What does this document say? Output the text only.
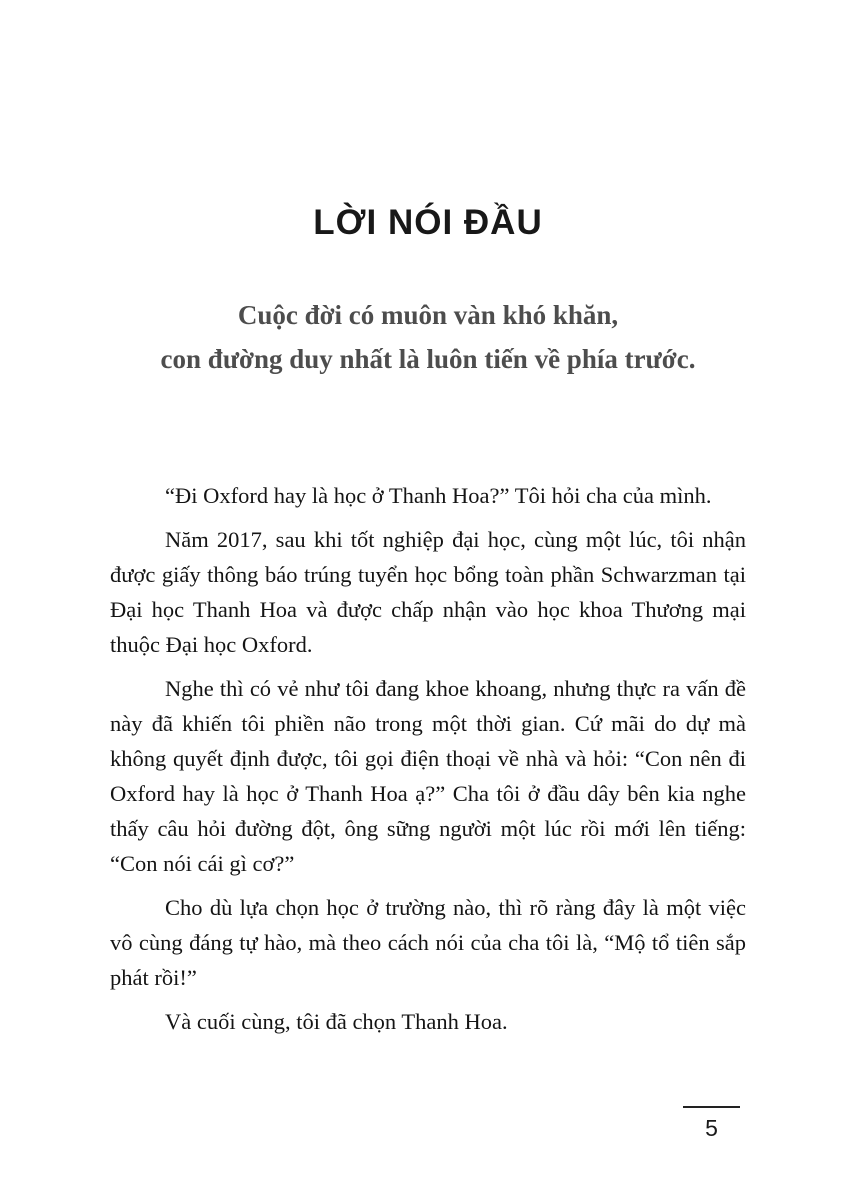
LỜI NÓI ĐẦU

Cuộc đời có muôn vàn khó khăn,

con đường duy nhất là luôn tiến về phía trước.

“Đi Oxford hay là học ở Thanh Hoa?” Tôi hỏi cha của mình.

Năm 2017, sau khi tốt nghiệp đại học, cùng một lúc, tôi nhận được giấy thông báo trúng tuyển học bổng toàn phần Schwarzman tại Đại học Thanh Hoa và được chấp nhận vào học khoa Thương mại thuộc Đại học Oxford.

Nghe thì có vẻ như tôi đang khoe khoang, nhưng thực ra vấn đề này đã khiến tôi phiền não trong một thời gian. Cứ mãi do dự mà không quyết định được, tôi gọi điện thoại về nhà và hỏi: “Con nên đi Oxford hay là học ở Thanh Hoa ạ?” Cha tôi ở đầu dây bên kia nghe thấy câu hỏi đường đột, ông sững người một lúc rồi mới lên tiếng: “Con nói cái gì cơ?”

Cho dù lựa chọn học ở trường nào, thì rõ ràng đây là một việc vô cùng đáng tự hào, mà theo cách nói của cha tôi là, “Mộ tổ tiên sắp phát rồi!”

Và cuối cùng, tôi đã chọn Thanh Hoa.

5
